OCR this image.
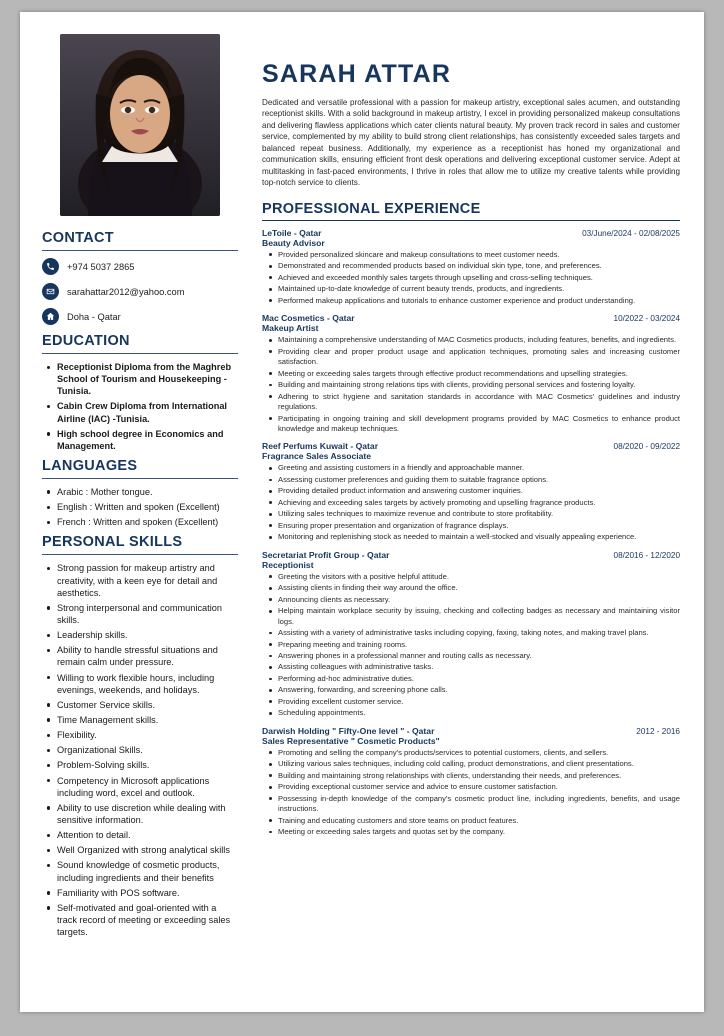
CONTACT
+974 5037 2865
sarahattar2012@yahoo.com
Doha - Qatar
EDUCATION
Receptionist Diploma from the Maghreb School of Tourism and Housekeeping - Tunisia.
Cabin Crew Diploma from International Airline (IAC) -Tunisia.
High school degree in Economics and Management.
LANGUAGES
Arabic : Mother tongue.
English : Written and spoken (Excellent)
French : Written and spoken (Excellent)
PERSONAL SKILLS
Strong passion for makeup artistry and creativity, with a keen eye for detail and aesthetics.
Strong interpersonal and communication skills.
Leadership skills.
Ability to handle stressful situations and remain calm under pressure.
Willing to work flexible hours, including evenings, weekends, and holidays.
Customer Service skills.
Time Management skills.
Flexibility.
Organizational Skills.
Problem-Solving skills.
Competency in Microsoft applications including word, excel and outlook.
Ability to use discretion while dealing with sensitive information.
Attention to detail.
Well Organized with strong analytical skills
Sound knowledge of cosmetic products, including ingredients and their benefits
Familiarity with POS software.
Self-motivated and goal-oriented with a track record of meeting or exceeding sales targets.
SARAH ATTAR
Dedicated and versatile professional with a passion for makeup artistry, exceptional sales acumen, and outstanding receptionist skills. With a solid background in makeup artistry, I excel in providing personalized makeup consultations and delivering flawless applications which cater clients natural beauty. My proven track record in sales and customer service, complemented by my ability to build strong client relationships, has consistently exceeded sales targets and balanced repeat business. Additionally, my experience as a receptionist has honed my organizational and communication skills, ensuring efficient front desk operations and delivering exceptional customer service. Adept at multitasking in fast-paced environments, I thrive in roles that allow me to utilize my creative talents while providing top-notch service to clients.
PROFESSIONAL EXPERIENCE
LeToile - Qatar	03/June/2024 - 02/08/2025
Beauty Advisor
Provided personalized skincare and makeup consultations to meet customer needs.
Demonstrated and recommended products based on individual skin type, tone, and preferences.
Achieved and exceeded monthly sales targets through upselling and cross-selling techniques.
Maintained up-to-date knowledge of current beauty trends, products, and ingredients.
Performed makeup applications and tutorials to enhance customer experience and product understanding.
Mac Cosmetics - Qatar	10/2022 - 03/2024
Makeup Artist
Maintaining a comprehensive understanding of MAC Cosmetics products, including features, benefits, and ingredients.
Providing clear and proper product usage and application techniques, promoting sales and increasing customer satisfaction.
Meeting or exceeding sales targets through effective product recommendations and upselling strategies.
Building and maintaining strong relations tips with clients, providing personal services and fostering loyalty.
Adhering to strict hygiene and sanitation standards in accordance with MAC Cosmetics' guidelines and industry regulations.
Participating in ongoing training and skill development programs provided by MAC Cosmetics to enhance product knowledge and makeup techniques.
Reef Perfums Kuwait - Qatar	08/2020 - 09/2022
Fragrance Sales Associate
Greeting and assisting customers in a friendly and approachable manner.
Assessing customer preferences and guiding them to suitable fragrance options.
Providing detailed product information and answering customer inquiries.
Achieving and exceeding sales targets by actively promoting and upselling fragrance products.
Utilizing sales techniques to maximize revenue and contribute to store profitability.
Ensuring proper presentation and organization of fragrance displays.
Monitoring and replenishing stock as needed to maintain a well-stocked and visually appealing experience.
Secretariat Profit Group - Qatar	08/2016 - 12/2020
Receptionist
Greeting the visitors with a positive helpful attitude.
Assisting clients in finding their way around the office.
Announcing clients as necessary.
Helping maintain workplace security by issuing, checking and collecting badges as necessary and maintaining visitor logs.
Assisting with a variety of administrative tasks including copying, faxing, taking notes, and making travel plans.
Preparing meeting and training rooms.
Answering phones in a professional manner and routing calls as necessary.
Assisting colleagues with administrative tasks.
Performing ad-hoc administrative duties.
Answering, forwarding, and screening phone calls.
Providing excellent customer service.
Scheduling appointments.
Darwish Holding " Fifty-One level " - Qatar	2012 - 2016
Sales Representative " Cosmetic Products"
Promoting and selling the company's products/services to potential customers, clients, and sellers.
Utilizing various sales techniques, including cold calling, product demonstrations, and client presentations.
Building and maintaining strong relationships with clients, understanding their needs, and preferences.
Providing exceptional customer service and advice to ensure customer satisfaction.
Possessing in-depth knowledge of the company's cosmetic product line, including ingredients, benefits, and usage instructions.
Training and educating customers and store teams on product features.
Meeting or exceeding sales targets and quotas set by the company.
